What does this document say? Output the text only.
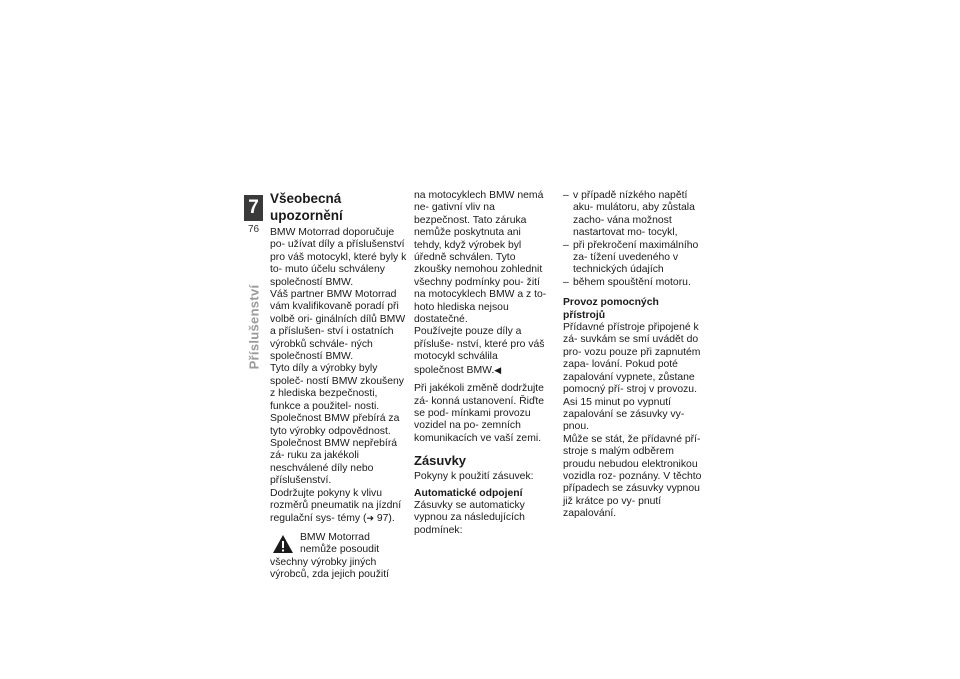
7
76
Příslušenství
Všeobecná upozornění

BMW Motorrad doporučuje po- užívat díly a příslušenství pro váš motocykl, které byly k to- muto účelu schváleny společností BMW.

Váš partner BMW Motorrad vám kvalifikovaně poradí při volbě ori- ginálních dílů BMW a příslušen- ství i ostatních výrobků schvále- ných společností BMW.

Tyto díly a výrobky byly společ- ností BMW zkoušeny z hlediska bezpečnosti, funkce a použitel- nosti. Společnost BMW přebírá za tyto výrobky odpovědnost.

Společnost BMW nepřebírá zá- ruku za jakékoli neschválené díly nebo příslušenství.

Dodržujte pokyny k vlivu rozměrů pneumatik na jízdní regulační sys- témy (➜ 97).

BMW Motorrad nemůže posoudit všechny výrobky jiných výrobců, zda jejich použití

na motocyklech BMW nemá ne- gativní vliv na bezpečnost. Tato záruka nemůže poskytnuta ani tehdy, když výrobek byl úředně schválen. Tyto zkoušky nemohou zohlednit všechny podmínky pou- žití na motocyklech BMW a z to- hoto hlediska nejsou dostatečné.

Používejte pouze díly a přísluše- nství, které pro váš motocykl schválila společnost BMW.◀

Při jakékoli změně dodržujte zá- konná ustanovení. Řiďte se pod- mínkami provozu vozidel na po- zemních komunikacích ve vaší zemi.

Zásuvky

Pokyny k použití zásuvek:

Automatické odpojení

Zásuvky se automaticky vypnou za následujících podmínek:

– v případě nízkého napětí aku- mulátoru, aby zůstala zacho- vána možnost nastartovat mo- tocykl,
– při překročení maximálního za- tížení uvedeného v technických údajích
– během spouštění motoru.
Provoz pomocných přístrojů

Přídavné přístroje připojené k zá- suvkám se smí uvádět do pro- vozu pouze při zapnutém zapa- lování. Pokud poté zapalování vypnete, zůstane pomocný pří- stroj v provozu. Asi 15 minut po vypnutí zapalování se zásuvky vy- pnou.

Může se stát, že přídavné pří- stroje s malým odběrem proudu nebudou elektronikou vozidla roz- poznány. V těchto případech se zásuvky vypnou již krátce po vy- pnutí zapalování.
